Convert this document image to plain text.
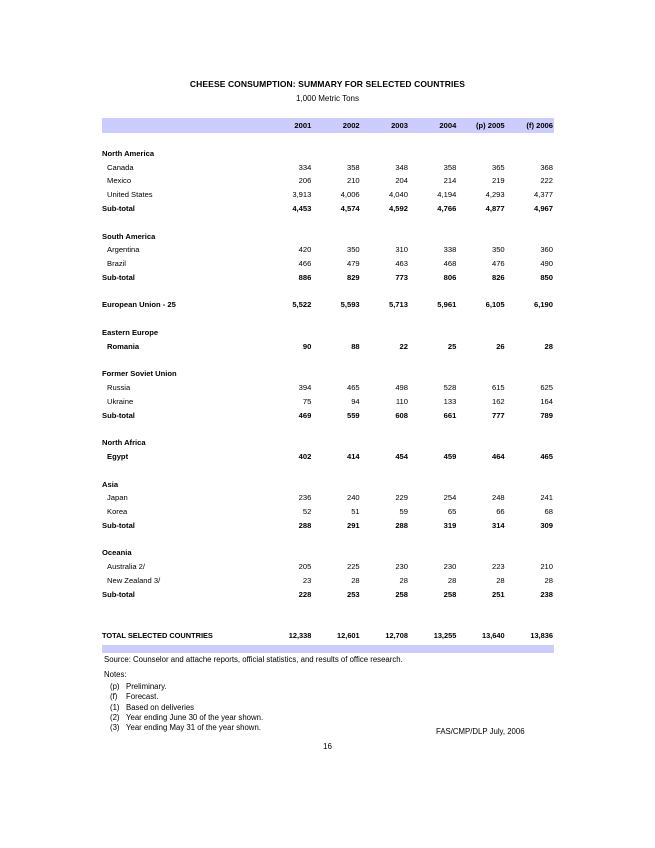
CHEESE CONSUMPTION: SUMMARY FOR SELECTED COUNTRIES
1,000 Metric Tons
	2001	2002	2003	2004	(p) 2005	(f) 2006

North America						
Canada	334	358	348	358	365	368
Mexico	206	210	204	214	219	222
United States	3,913	4,006	4,040	4,194	4,293	4,377
Sub-total	4,453	4,574	4,592	4,766	4,877	4,967

South America						
Argentina	420	350	310	338	350	360
Brazil	466	479	463	468	476	490
Sub-total	886	829	773	806	826	850

European Union - 25	5,522	5,593	5,713	5,961	6,105	6,190

Eastern Europe						
Romania	90	88	22	25	26	28

Former Soviet Union						
Russia	394	465	498	528	615	625
Ukraine	75	94	110	133	162	164
Sub-total	469	559	608	661	777	789

North Africa						
Egypt	402	414	454	459	464	465

Asia						
Japan	236	240	229	254	248	241
Korea	52	51	59	65	66	68
Sub-total	288	291	288	319	314	309

Oceania						
Australia 2/	205	225	230	230	223	210
New Zealand 3/	23	28	28	28	28	28
Sub-total	228	253	258	258	251	238

TOTAL SELECTED COUNTRIES	12,338	12,601	12,708	13,255	13,640	13,836
Source: Counselor and attache reports, official statistics, and results of office research.
Notes:
(p) Preliminary.
(f) Forecast.
(1) Based on deliveries
(2) Year ending June 30 of the year shown.
(3) Year ending May 31 of the year shown.	FAS/CMP/DLP July, 2006
16
